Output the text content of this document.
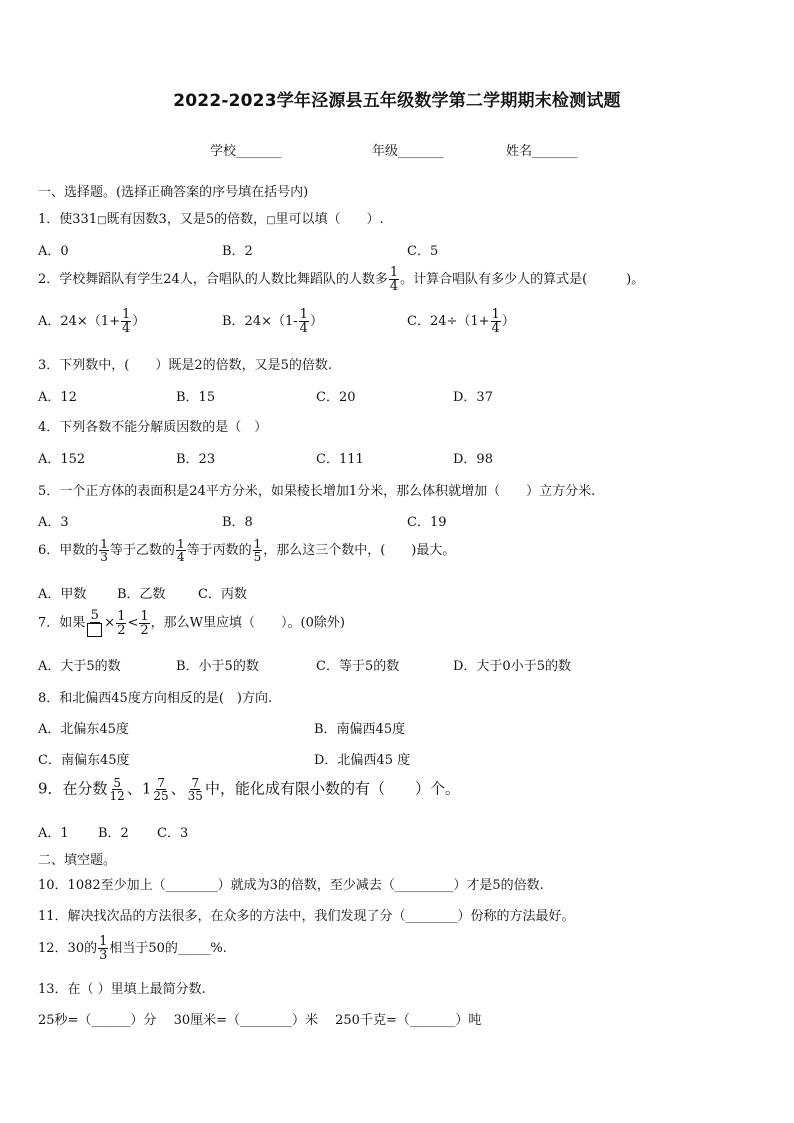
2022-2023学年泾源县五年级数学第二学期期末检测试题
学校_______	年级_______	姓名_______
一、选择题。(选择正确答案的序号填在括号内)
1．使331□既有因数3，又是5的倍数，□里可以填（　　）.
A．0	B．2	C．5
2．学校舞蹈队有学生24人，合唱队的人数比舞蹈队的人数多 $\frac{1}{4}$ 。计算合唱队有多少人的算式是(　　　)。
A．$24\times(1+ \frac{1}{4}$ ）	B．$24\times(1- \frac{1}{4}$ ）	C．$24\div(1+ \frac{1}{4}$ ）
3．下列数中，(　　）既是2的倍数，又是5的倍数.
A．12	B．15	C．20	D．37
4．下列各数不能分解质因数的是（　）
A．152	B．23	C．111	D．98
5．一个正方体的表面积是24平方分米，如果棱长增加1分米，那么体积就增加（　　）立方分米.
A．3	B．8	C．19
6．甲数的 $\frac{1}{3}$ 等于乙数的 $\frac{1}{4}$ 等于丙数的 $\frac{1}{5}$ ，那么这三个数中，(　　)最大。
A．甲数 B．乙数 C．丙数
7．如果 $5 \times \frac{1}{2} < \frac{1}{2}$ ，那么W里应填（　　）。(0除外)
A．大于5的数	B．小于5的数	C．等于5的数	D．大于0小于5的数
8．和北偏西45度方向相反的是(　)方向.
A．北偏东45度	B．南偏西45度
C．南偏东45度	D．北偏西45 度
9．在分数 $\frac{5}{12}$ 、$1 \frac{7}{25}$ 、 $\frac{7}{35}$ 中，能化成有限小数的有（　　）个。
A．1 B．2 C．3
二、填空题。
10．1082至少加上（________）就成为3的倍数，至少减去（_________）才是5的倍数.
11．解决找次品的方法很多，在众多的方法中，我们发现了分（________）份称的方法最好。
12．30的 $\frac{1}{3}$ 相当于50的_____%.
13．在（ ）里填上最简分数.
25秒=（______）分　 30厘米=（________）米　 250千克=（_______）吨
